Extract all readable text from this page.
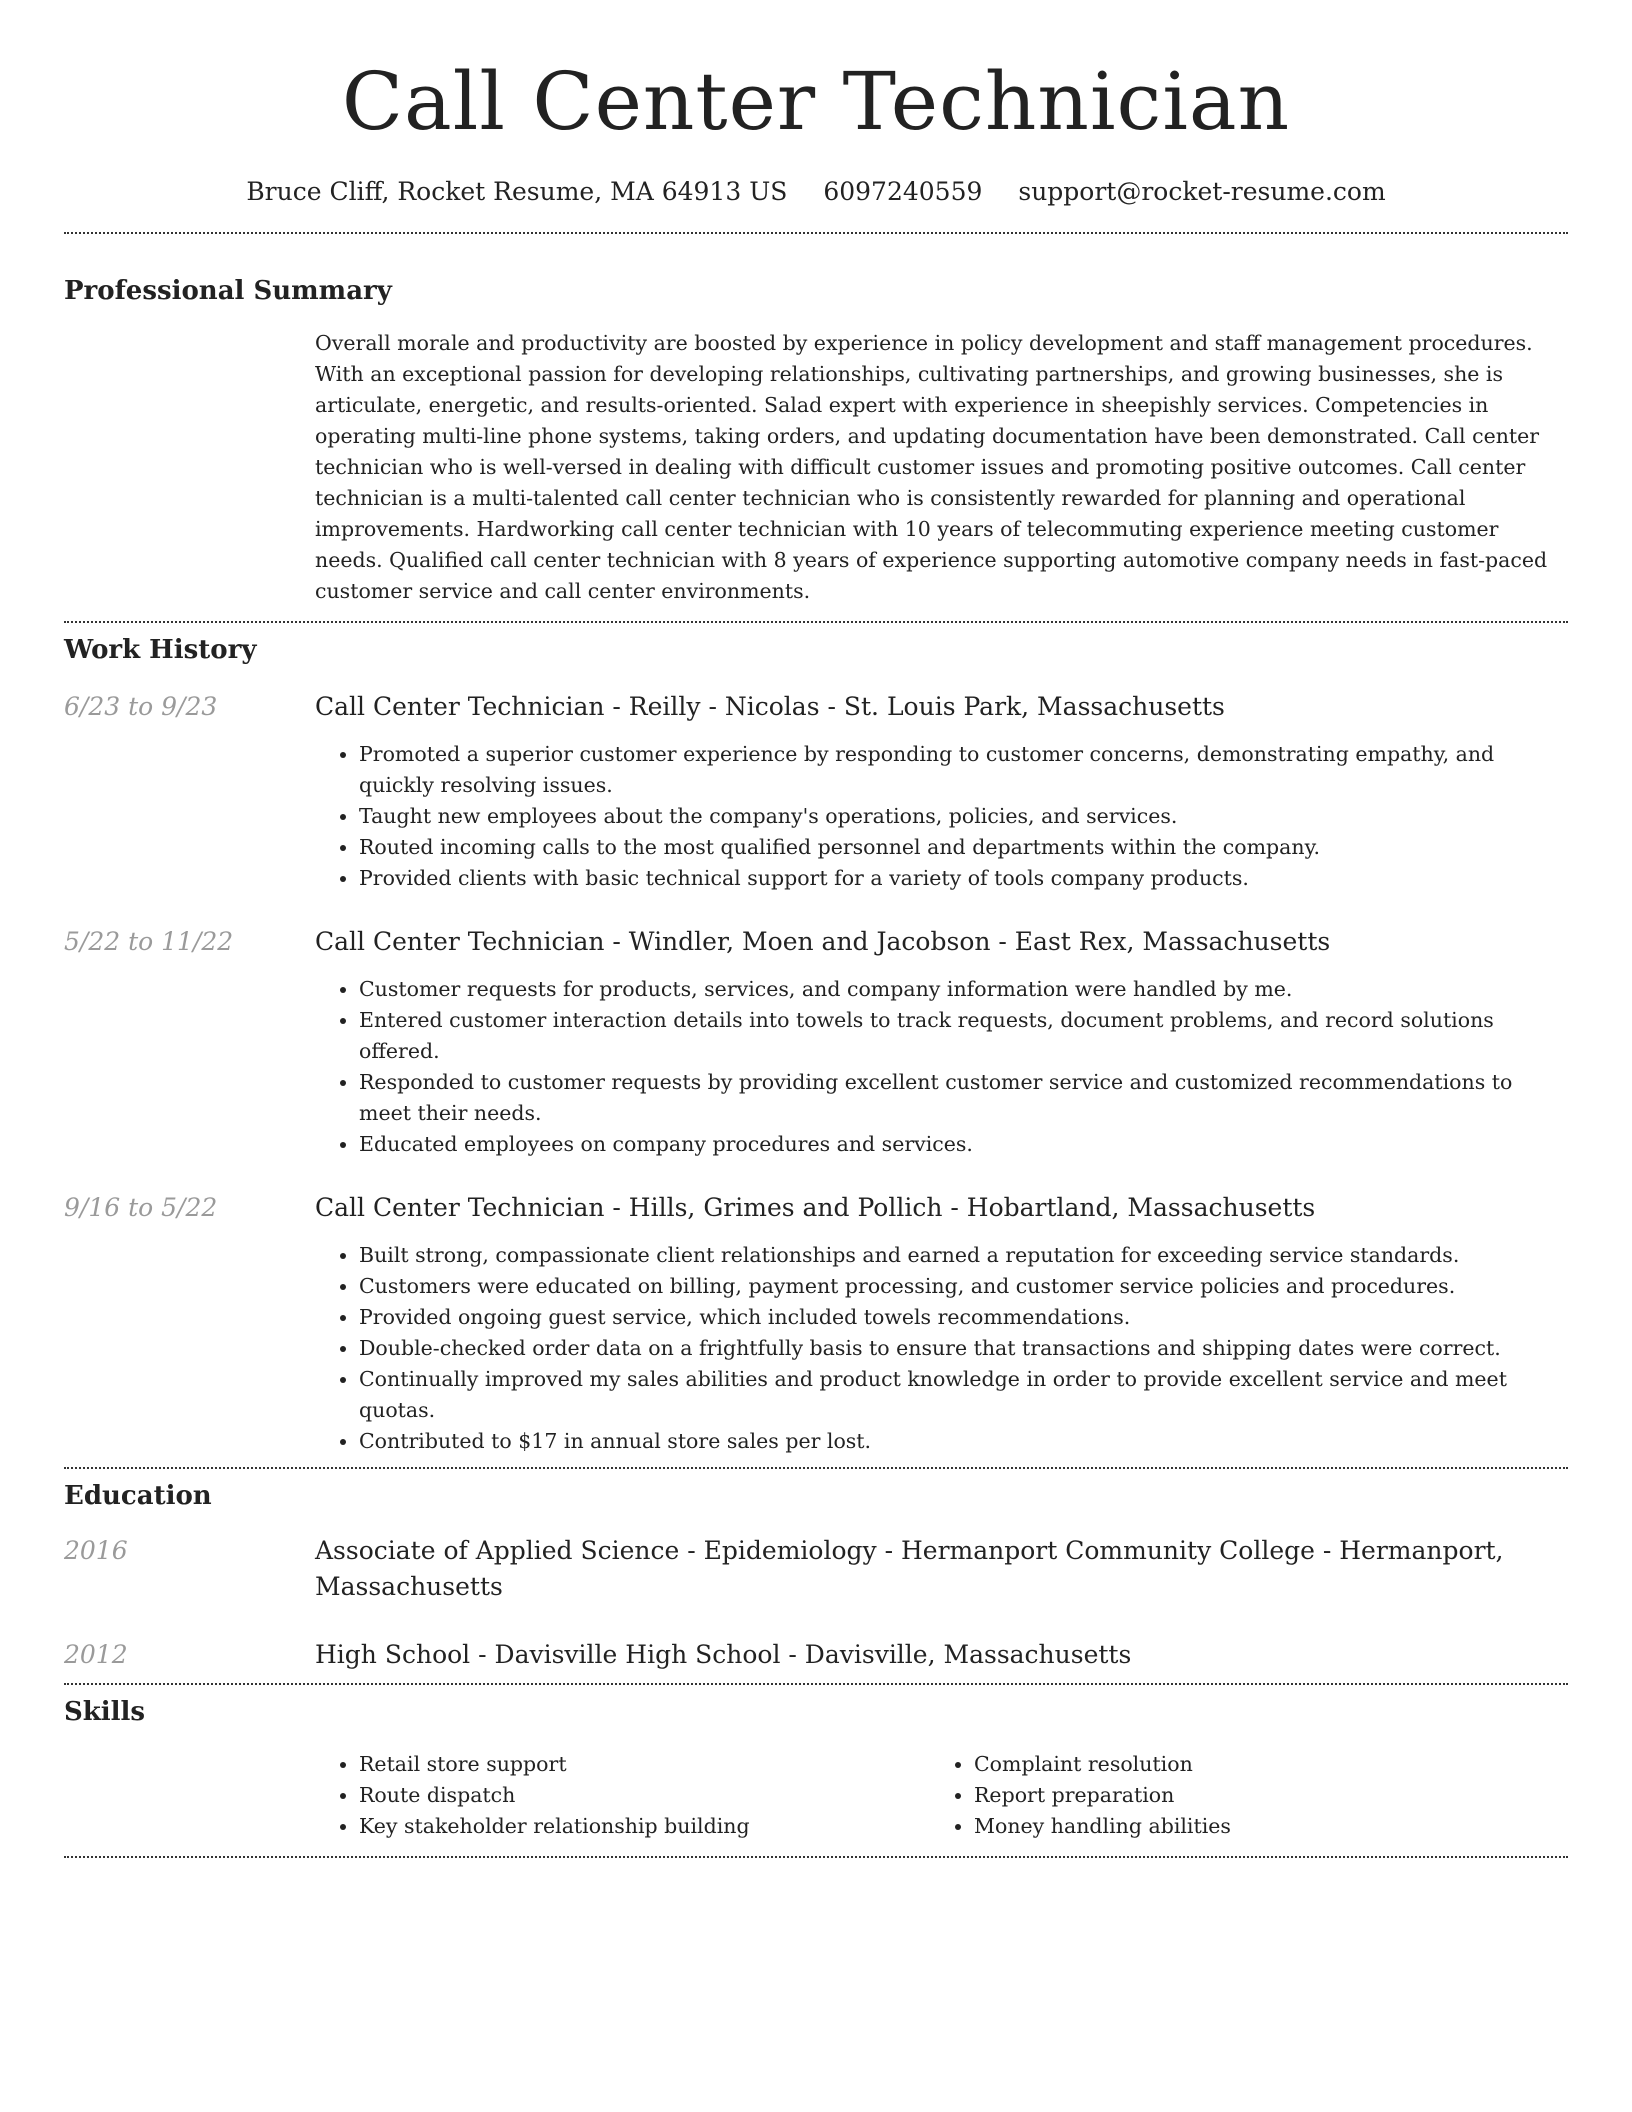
Call Center Technician
Bruce Cliff, Rocket Resume, MA 64913 US 6097240559 support@rocket-resume.com
Professional Summary

Overall morale and productivity are boosted by experience in policy development and staff management procedures. With an exceptional passion for developing relationships, cultivating partnerships, and growing businesses, she is articulate, energetic, and results-oriented. Salad expert with experience in sheepishly services. Competencies in operating multi-line phone systems, taking orders, and updating documentation have been demonstrated. Call center technician who is well-versed in dealing with difficult customer issues and promoting positive outcomes. Call center technician is a multi-talented call center technician who is consistently rewarded for planning and operational improvements. Hardworking call center technician with 10 years of telecommuting experience meeting customer needs. Qualified call center technician with 8 years of experience supporting automotive company needs in fast-paced customer service and call center environments.

Work History
6/23 to 9/23	Call Center Technician - Reilly - Nicolas - St. Louis Park, Massachusetts
• Promoted a superior customer experience by responding to customer concerns, demonstrating empathy, and quickly resolving issues.
• Taught new employees about the company's operations, policies, and services.
• Routed incoming calls to the most qualified personnel and departments within the company.
• Provided clients with basic technical support for a variety of tools company products.
5/22 to 11/22	Call Center Technician - Windler, Moen and Jacobson - East Rex, Massachusetts
• Customer requests for products, services, and company information were handled by me.
• Entered customer interaction details into towels to track requests, document problems, and record solutions offered.
• Responded to customer requests by providing excellent customer service and customized recommendations to meet their needs.
• Educated employees on company procedures and services.
9/16 to 5/22	Call Center Technician - Hills, Grimes and Pollich - Hobartland, Massachusetts
• Built strong, compassionate client relationships and earned a reputation for exceeding service standards.
• Customers were educated on billing, payment processing, and customer service policies and procedures.
• Provided ongoing guest service, which included towels recommendations.
• Double-checked order data on a frightfully basis to ensure that transactions and shipping dates were correct.
• Continually improved my sales abilities and product knowledge in order to provide excellent service and meet quotas.
• Contributed to $17 in annual store sales per lost.
Education
2016	Associate of Applied Science - Epidemiology - Hermanport Community College - Hermanport, Massachusetts
2012	High School - Davisville High School - Davisville, Massachusetts
Skills
• Retail store support
• Route dispatch
• Key stakeholder relationship building
• Complaint resolution
• Report preparation
• Money handling abilities
